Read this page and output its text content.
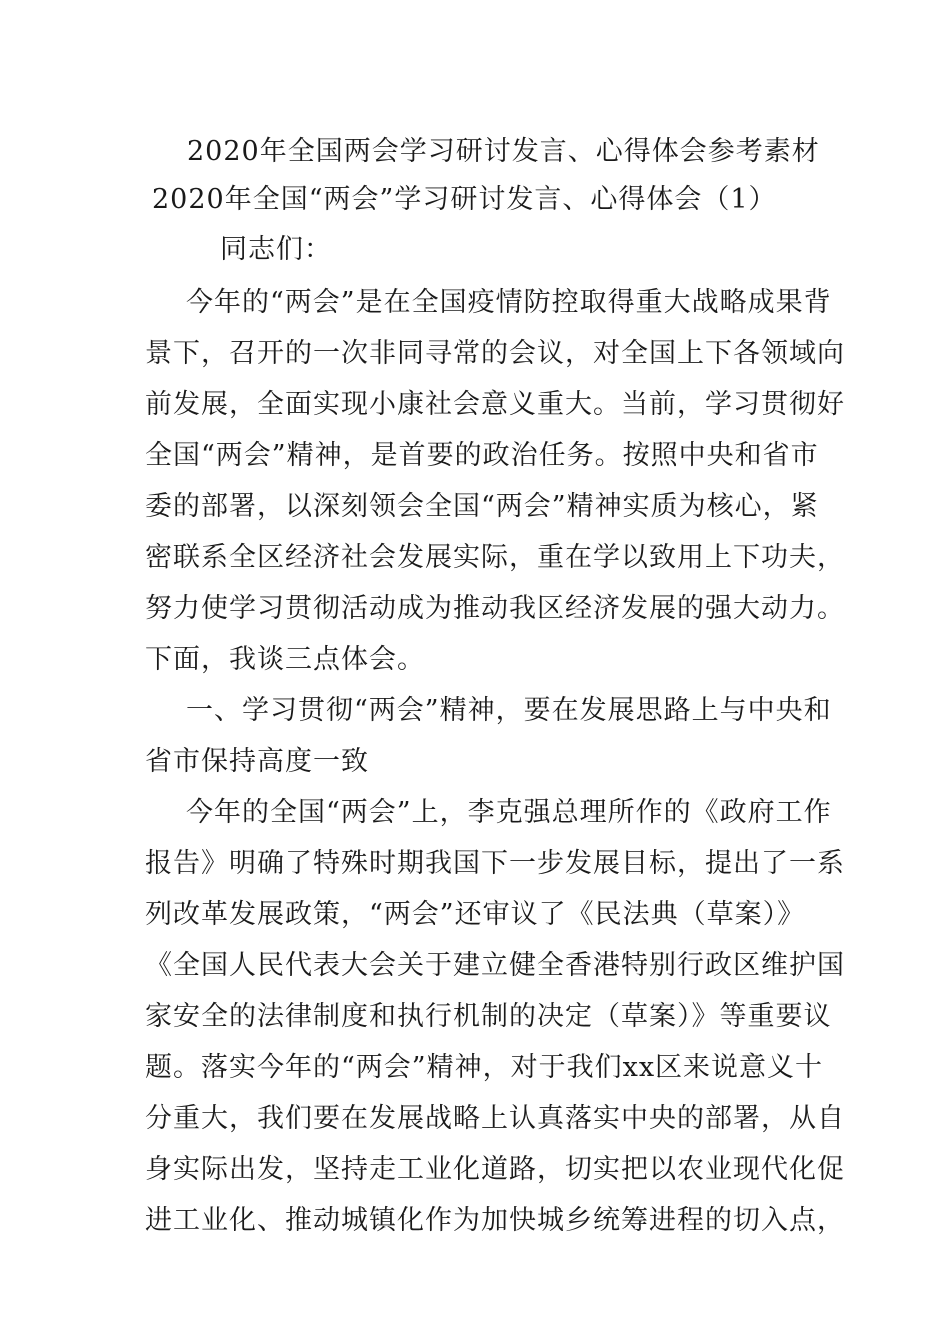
2020年全国两会学习研讨发言、心得体会参考素材
2020年全国“两会”学习研讨发言、心得体会（1）
同志们：
今年的“两会”是在全国疫情防控取得重大战略成果背
景下，召开的一次非同寻常的会议，对全国上下各领域向
前发展，全面实现小康社会意义重大。当前，学习贯彻好
全国“两会”精神，是首要的政治任务。按照中央和省市
委的部署，以深刻领会全国“两会”精神实质为核心，紧
密联系全区经济社会发展实际，重在学以致用上下功夫，
努力使学习贯彻活动成为推动我区经济发展的强大动力。
下面，我谈三点体会。
一、学习贯彻“两会”精神，要在发展思路上与中央和
省市保持高度一致
今年的全国“两会”上，李克强总理所作的《政府工作
报告》明确了特殊时期我国下一步发展目标，提出了一系
列改革发展政策，“两会”还审议了《民法典（草案）》
《全国人民代表大会关于建立健全香港特别行政区维护国
家安全的法律制度和执行机制的决定（草案）》等重要议
题。落实今年的“两会”精神，对于我们xx区来说意义十
分重大，我们要在发展战略上认真落实中央的部署，从自
身实际出发，坚持走工业化道路，切实把以农业现代化促
进工业化、推动城镇化作为加快城乡统筹进程的切入点，
